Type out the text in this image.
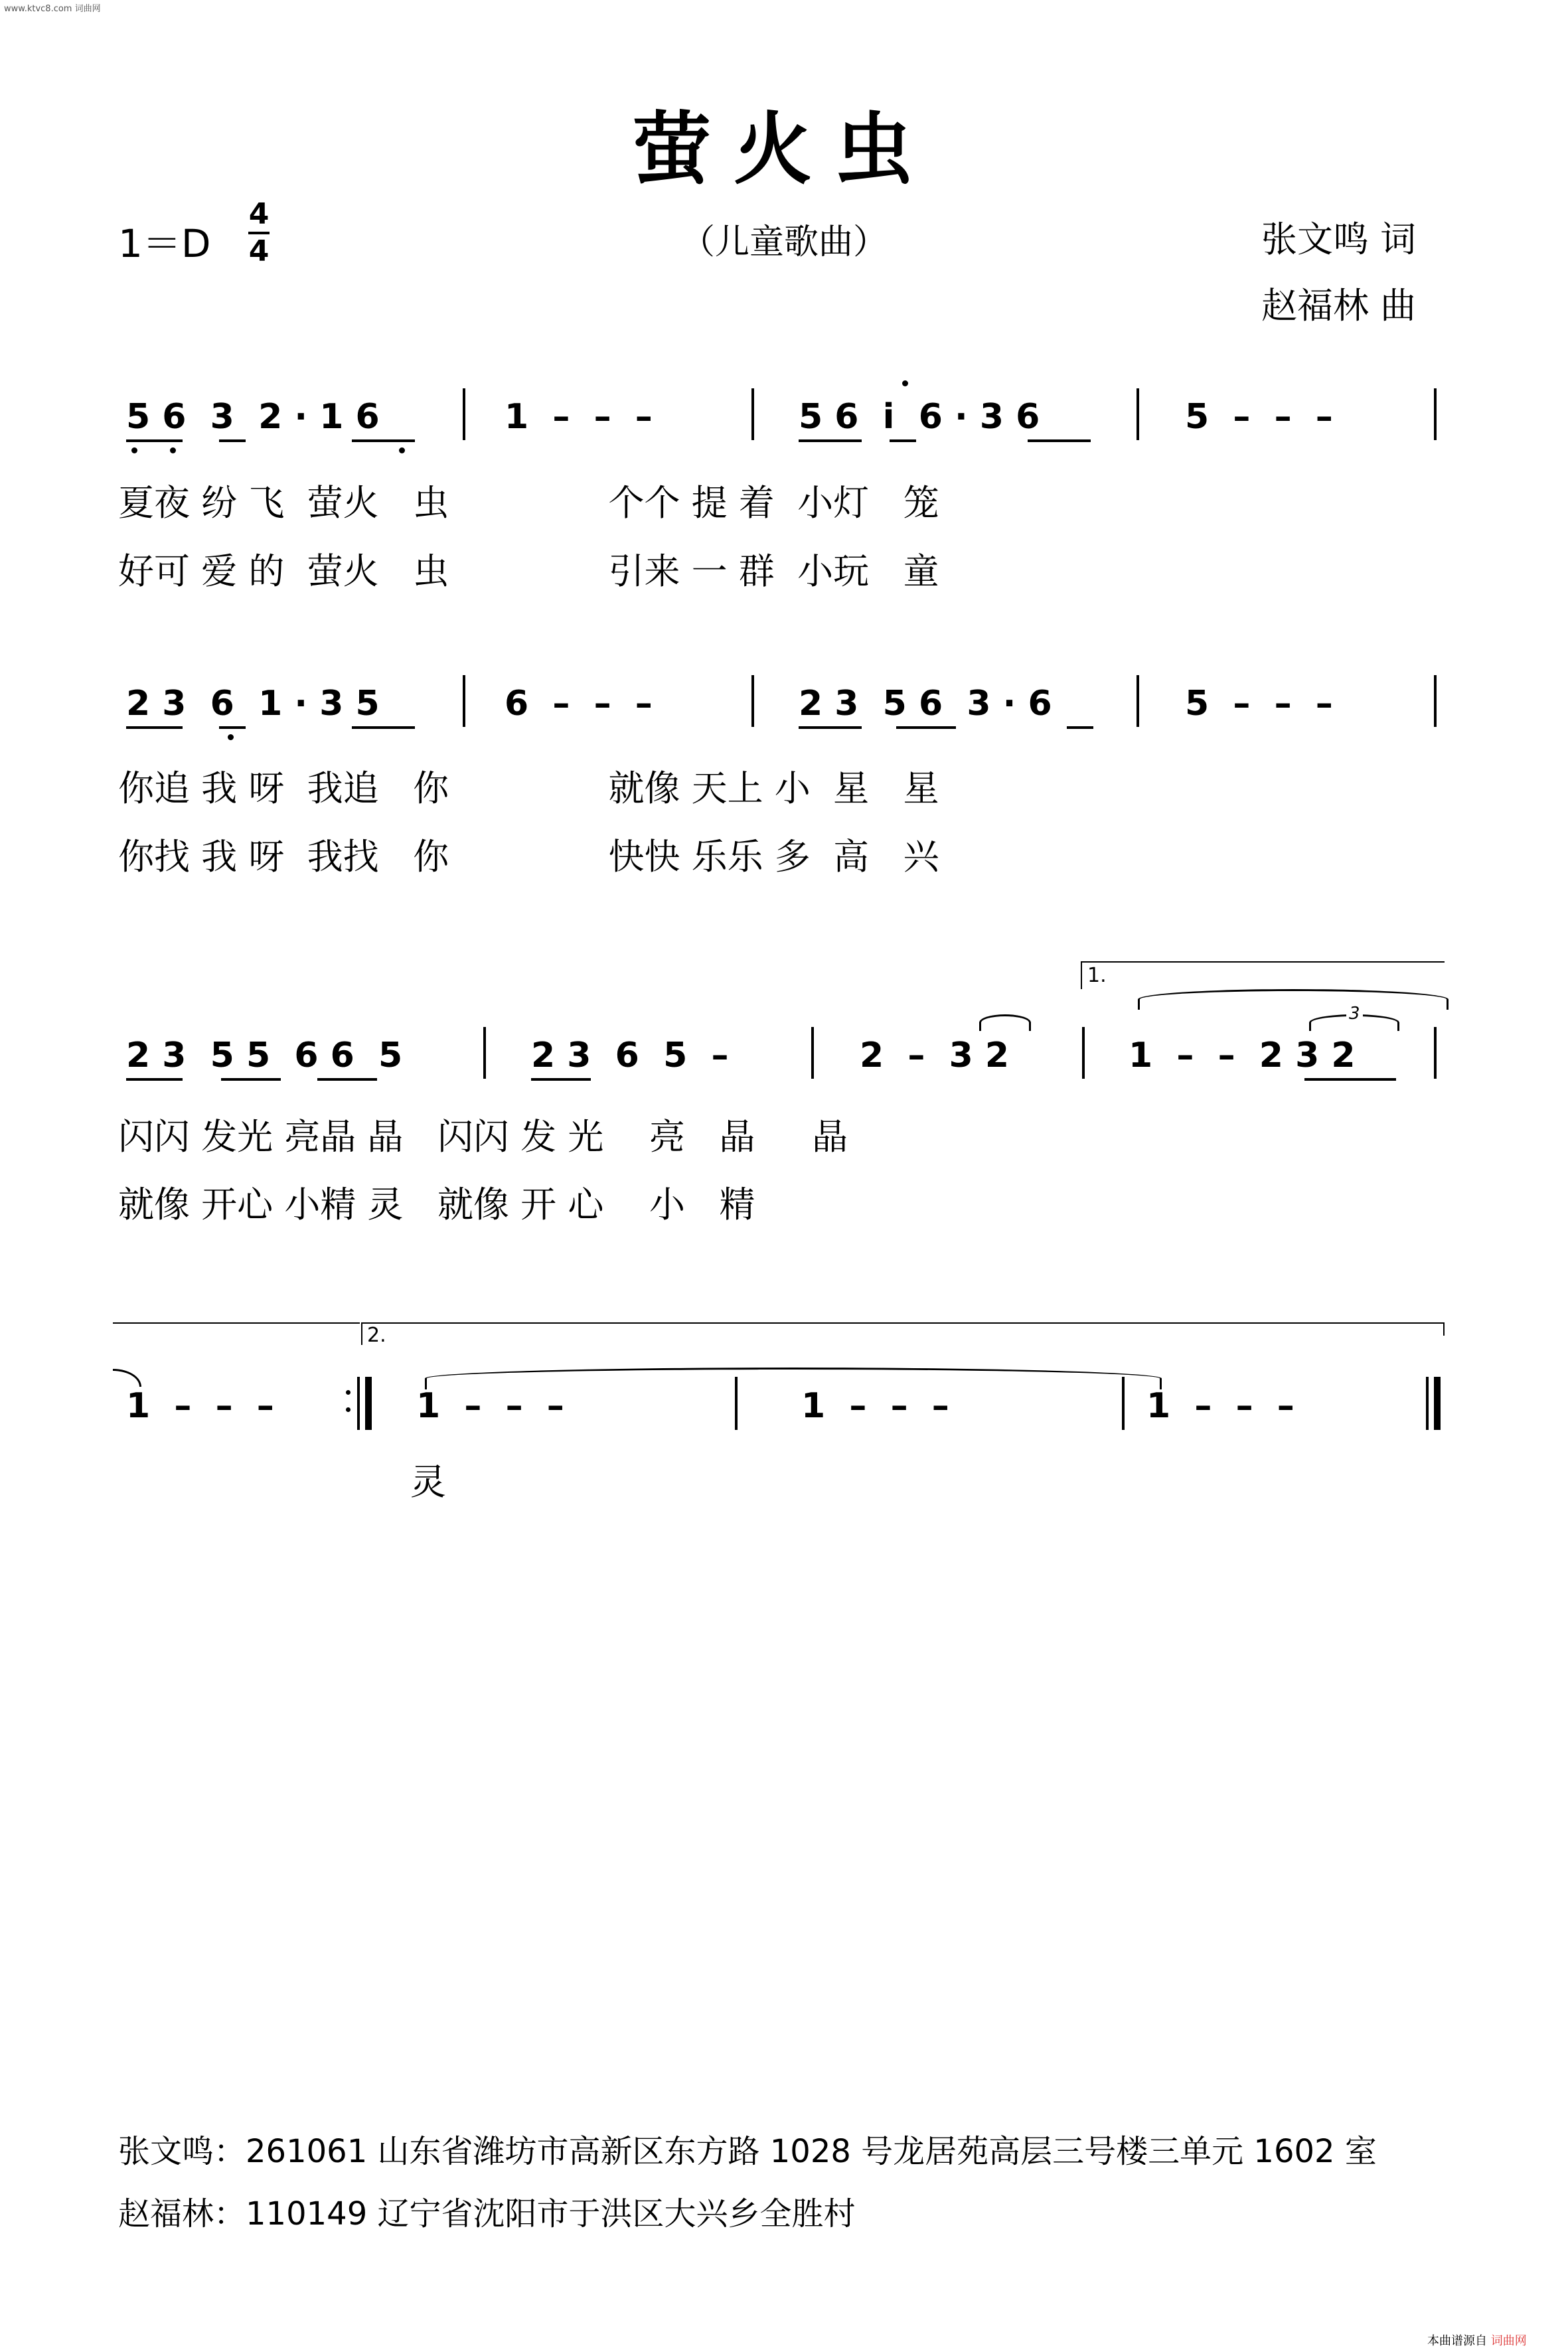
www.ktvc8.com 词曲网
本曲谱源自 词曲网
萤火虫
1＝D
4
4	（儿童歌曲）	张文鸣 词
赵福林 曲
5 6  3  2 · 1 6	1  –  –  –	5 6  i  6 · 3 6	5  –  –  –
夏夜 纷 飞  萤火   虫              个个 提 着  小灯   笼
好可 爱 的  萤火   虫              引来 一 群  小玩   童
2 3  6  1 · 3 5	6  –  –  –	2 3  5 6  3 · 6	5  –  –  –
你追 我 呀  我追   你              就像 天上 小  星   星
你找 我 呀  我找   你              快快 乐乐 多  高   兴
1.
3
2 3  5 5  6 6  5	2 3  6  5  –	2  –  3 2	1  –  –  2 3 2
闪闪 发光 亮晶 晶   闪闪 发 光    亮   晶     晶
就像 开心 小精 灵   就像 开 心    小   精
2.
1  –  –  –	1  –  –  –	1  –  –  –	1  –  –  –
灵
张文鸣：261061 山东省潍坊市高新区东方路 1028 号龙居苑高层三号楼三单元 1602 室
赵福林：110149 辽宁省沈阳市于洪区大兴乡全胜村
